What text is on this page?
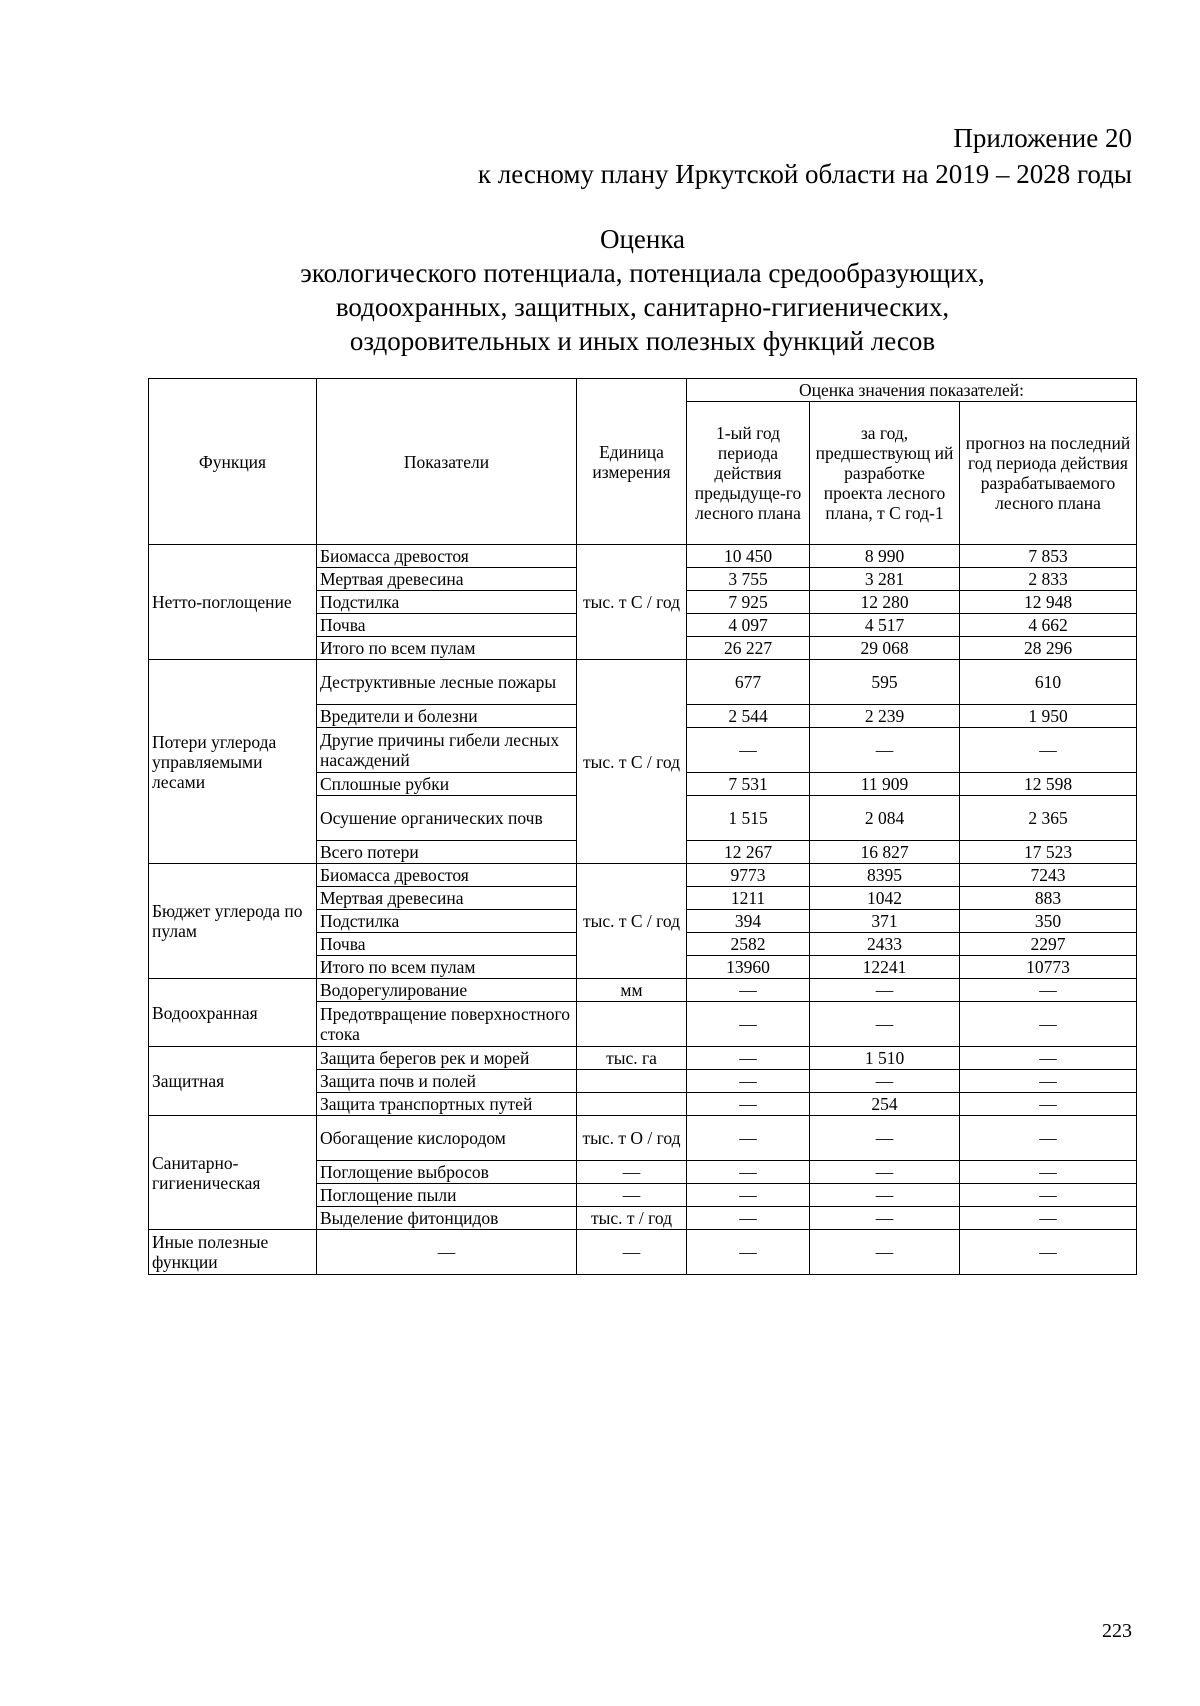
Приложение 20
к лесному плану Иркутской области на 2019 – 2028 годы
Оценка
экологического потенциала, потенциала средообразующих,
водоохранных, защитных, санитарно-гигиенических,
оздоровительных и иных полезных функций лесов
Функция	Показатели	Единица измерения	Оценка значения показателей:		
			1-ый год периода действия предыдуще-го лесного плана	за год, предшествующ ий разработке проекта лесного плана, т С год-1	прогноз на последний год периода действия разрабатываемого лесного плана
Нетто-поглощение	Биомасса древостоя	тыс. т С / год	10 450	8 990	7 853
	Мертвая древесина		3 755	3 281	2 833
	Подстилка		7 925	12 280	12 948
	Почва		4 097	4 517	4 662
	Итого по всем пулам		26 227	29 068	28 296
Потери углерода управляемыми лесами	Деструктивные лесные пожары	тыс. т С / год	677	595	610
	Вредители и болезни		2 544	2 239	1 950
	Другие причины гибели лесных насаждений		—	—	—
	Сплошные рубки		7 531	11 909	12 598
	Осушение органических почв		1 515	2 084	2 365
	Всего потери		12 267	16 827	17 523
Бюджет углерода по пулам	Биомасса древостоя	тыс. т С / год	9773	8395	7243
	Мертвая древесина		1211	1042	883
	Подстилка		394	371	350
	Почва		2582	2433	2297
	Итого по всем пулам		13960	12241	10773
Водоохранная	Водорегулирование	мм	—	—	—
	Предотвращение поверхностного стока		—	—	—
Защитная	Защита берегов рек и морей	тыс. га	—	1 510	—
	Защита почв и полей		—	—	—
	Защита транспортных путей		—	254	—
Санитарно-гигиеническая	Обогащение кислородом	тыс. т О / год	—	—	—
	Поглощение выбросов	—	—	—	—
	Поглощение пыли	—	—	—	—
	Выделение фитонцидов	тыс. т / год	—	—	—
Иные полезные функции	—	—	—	—	—
223
